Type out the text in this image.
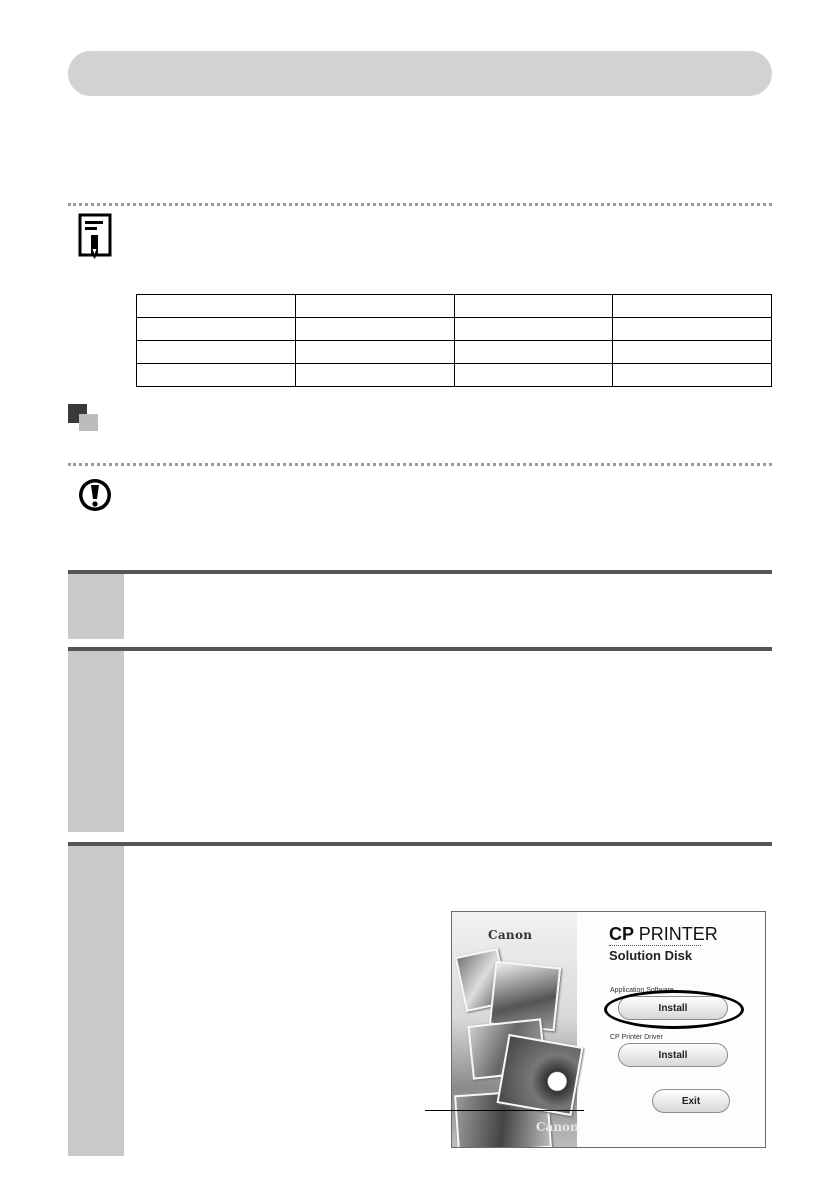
Canon
Canon
CP PRINTER
Solution Disk
Application Software
Install
CP Printer Driver
Install
Exit
